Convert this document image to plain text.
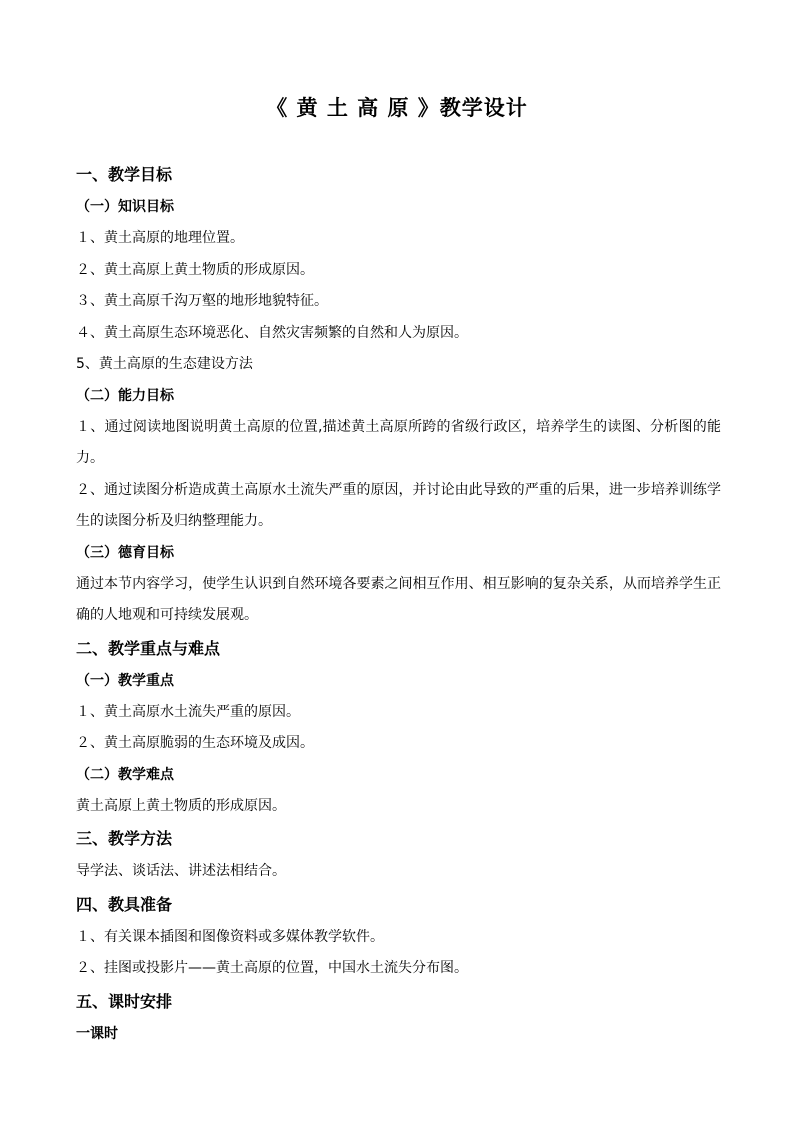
《 黄 土 高 原 》教学设计
一、教学目标
（一）知识目标
１、黄土高原的地理位置。
２、黄土高原上黄土物质的形成原因。
３、黄土高原千沟万壑的地形地貌特征。
４、黄土高原生态环境恶化、自然灾害频繁的自然和人为原因。
5、黄土高原的生态建设方法
（二）能力目标

１、通过阅读地图说明黄土高原的位置,描述黄土高原所跨的省级行政区，培养学生的读图、分析图的能力。

２、通过读图分析造成黄土高原水土流失严重的原因，并讨论由此导致的严重的后果，进一步培养训练学生的读图分析及归纳整理能力。

（三）德育目标

通过本节内容学习，使学生认识到自然环境各要素之间相互作用、相互影响的复杂关系，从而培养学生正确的人地观和可持续发展观。

二、教学重点与难点
（一）教学重点
１、黄土高原水土流失严重的原因。
２、黄土高原脆弱的生态环境及成因。
（二）教学难点
黄土高原上黄土物质的形成原因。
三、教学方法
导学法、谈话法、讲述法相结合。
四、教具准备
１、有关课本插图和图像资料或多媒体教学软件。
２、挂图或投影片——黄土高原的位置，中国水土流失分布图。
五、课时安排
一课时
